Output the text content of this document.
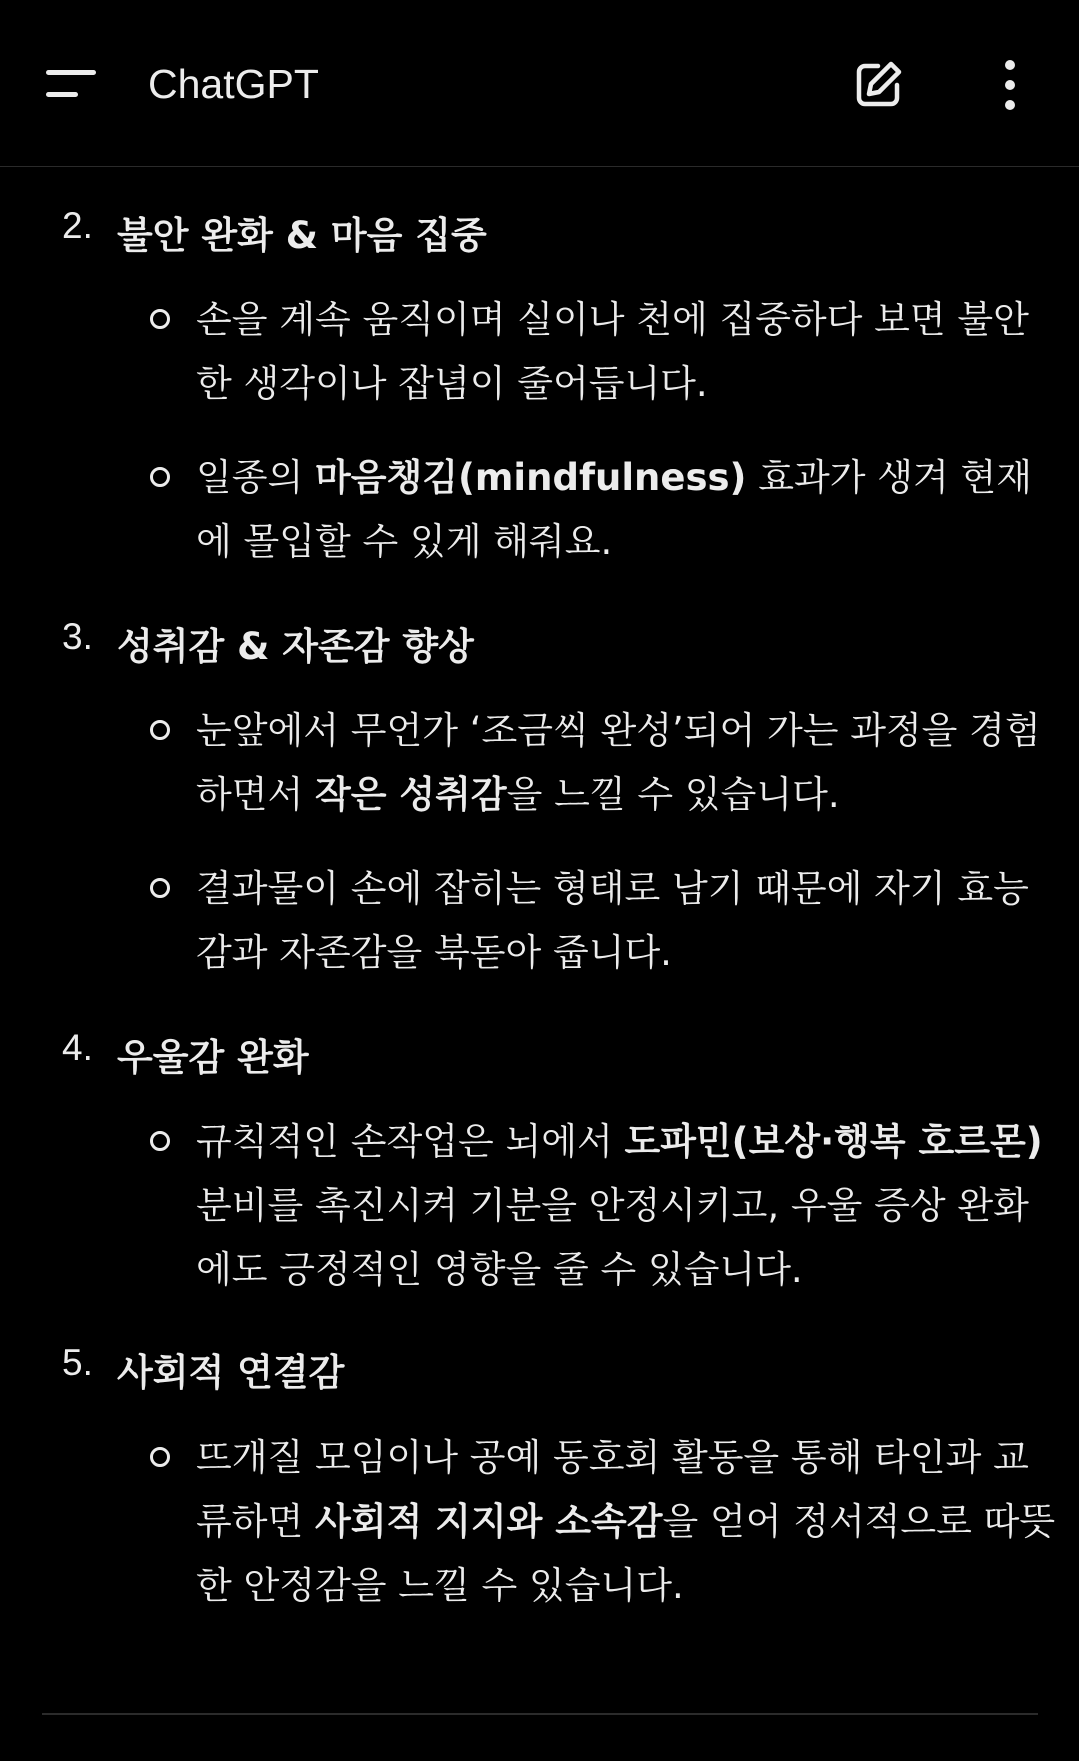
ChatGPT
2. 불안 완화 & 마음 집중
손을 계속 움직이며 실이나 천에 집중하다 보면 불안한 생각이나 잡념이 줄어듭니다.
일종의 마음챙김(mindfulness) 효과가 생겨 현재에 몰입할 수 있게 해줘요.
3. 성취감 & 자존감 향상
눈앞에서 무언가 ‘조금씩 완성’되어 가는 과정을 경험하면서 작은 성취감을 느낄 수 있습니다.
결과물이 손에 잡히는 형태로 남기 때문에 자기 효능감과 자존감을 북돋아 줍니다.
4. 우울감 완화
규칙적인 손작업은 뇌에서 도파민(보상·행복 호르몬) 분비를 촉진시켜 기분을 안정시키고, 우울 증상 완화에도 긍정적인 영향을 줄 수 있습니다.
5. 사회적 연결감
뜨개질 모임이나 공예 동호회 활동을 통해 타인과 교류하면 사회적 지지와 소속감을 얻어 정서적으로 따뜻한 안정감을 느낄 수 있습니다.
